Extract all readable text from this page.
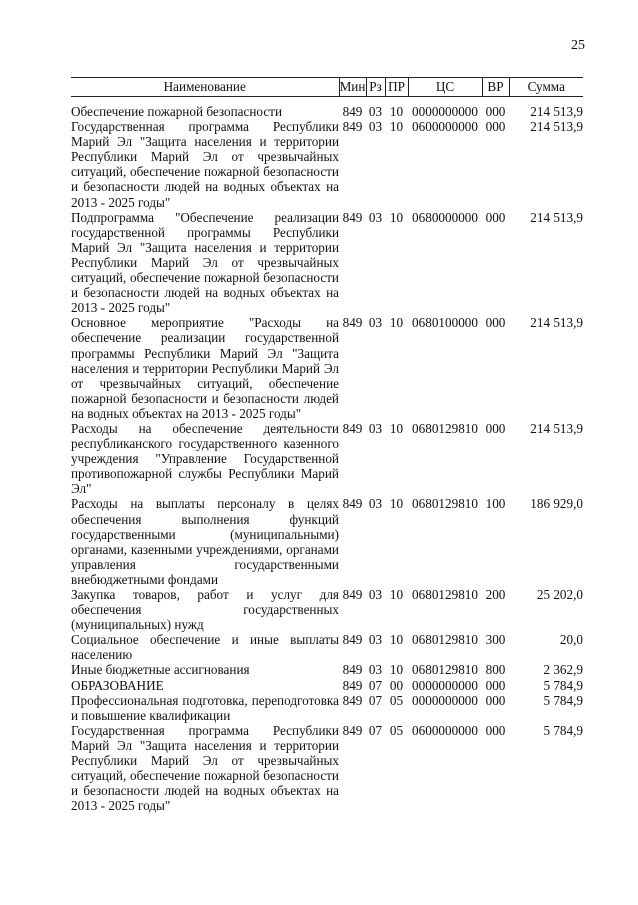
25
Наименование	Мин	Рз	ПР	ЦС	ВР	Сумма

Обеспечение пожарной безопасности	849	03	10	0000000000	000	214 513,9
Государственная программа Республики Марий Эл "Защита населения и территории Республики Марий Эл от чрезвычайных ситуаций, обеспечение пожарной безопасности и безопасности людей на водных объектах на 2013 - 2025 годы"	849	03	10	0600000000	000	214 513,9
Подпрограмма "Обеспечение реализации государственной программы Республики Марий Эл "Защита населения и территории Республики Марий Эл от чрезвычайных ситуаций, обеспечение пожарной безопасности и безопасности людей на водных объектах на 2013 - 2025 годы"	849	03	10	0680000000	000	214 513,9
Основное мероприятие "Расходы на обеспечение реализации государственной программы Республики Марий Эл "Защита населения и территории Республики Марий Эл от чрезвычайных ситуаций, обеспечение пожарной безопасности и безопасности людей на водных объектах на 2013 - 2025 годы"	849	03	10	0680100000	000	214 513,9
Расходы на обеспечение деятельности республиканского государственного казенного учреждения "Управление Государственной противопожарной службы Республики Марий Эл"	849	03	10	0680129810	000	214 513,9
Расходы на выплаты персоналу в целях обеспечения выполнения функций государственными (муниципальными) органами, казенными учреждениями, органами управления государственными внебюджетными фондами	849	03	10	0680129810	100	186 929,0
Закупка товаров, работ и услуг для обеспечения государственных (муниципальных) нужд	849	03	10	0680129810	200	25 202,0
Социальное обеспечение и иные выплаты населению	849	03	10	0680129810	300	20,0
Иные бюджетные ассигнования	849	03	10	0680129810	800	2 362,9
ОБРАЗОВАНИЕ	849	07	00	0000000000	000	5 784,9
Профессиональная подготовка, переподготовка и повышение квалификации	849	07	05	0000000000	000	5 784,9
Государственная программа Республики Марий Эл "Защита населения и территории Республики Марий Эл от чрезвычайных ситуаций, обеспечение пожарной безопасности и безопасности людей на водных объектах на 2013 - 2025 годы"	849	07	05	0600000000	000	5 784,9
